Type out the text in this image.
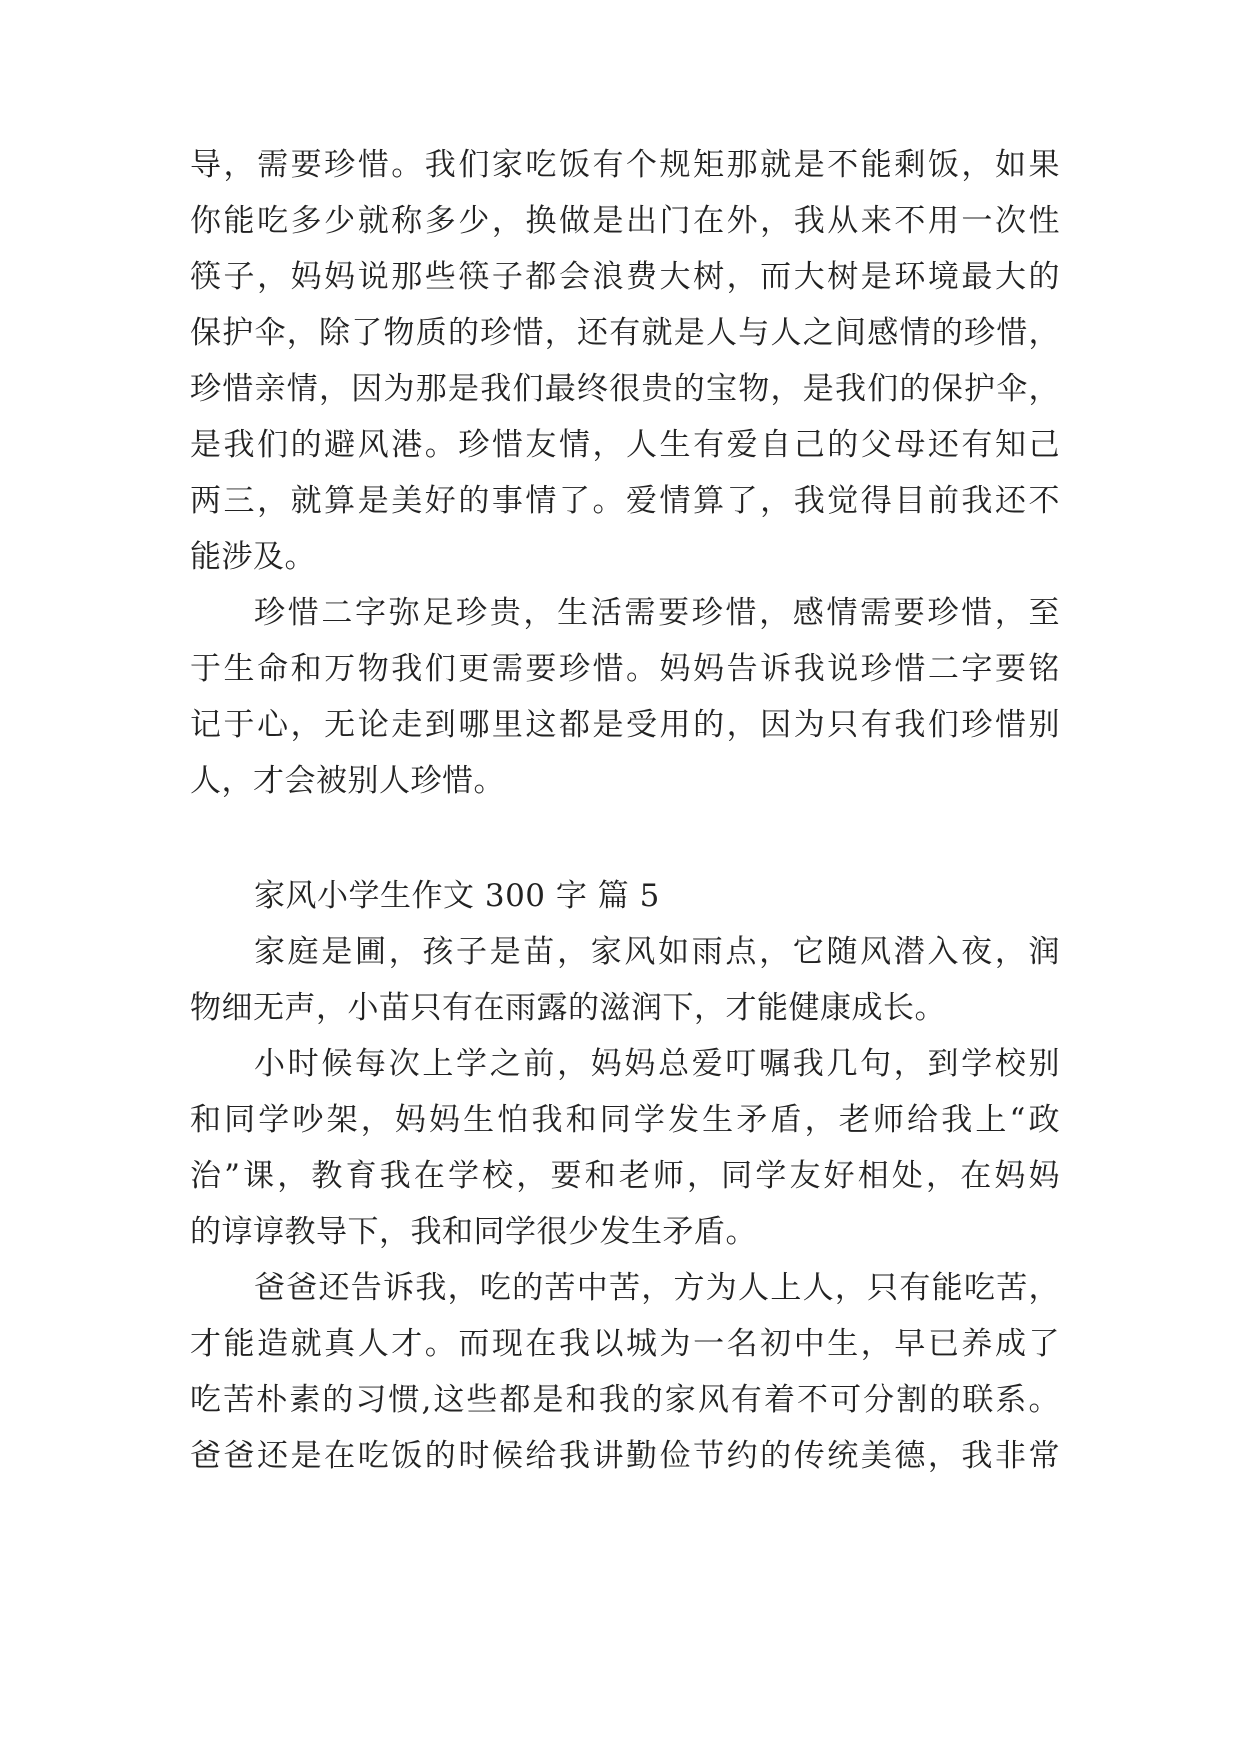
导，需要珍惜。我们家吃饭有个规矩那就是不能剩饭，如果
你能吃多少就称多少，换做是出门在外，我从来不用一次性
筷子，妈妈说那些筷子都会浪费大树，而大树是环境最大的
保护伞，除了物质的珍惜，还有就是人与人之间感情的珍惜，
珍惜亲情，因为那是我们最终很贵的宝物，是我们的保护伞，
是我们的避风港。珍惜友情，人生有爱自己的父母还有知己
两三，就算是美好的事情了。爱情算了，我觉得目前我还不
能涉及。
珍惜二字弥足珍贵，生活需要珍惜，感情需要珍惜，至
于生命和万物我们更需要珍惜。妈妈告诉我说珍惜二字要铭
记于心，无论走到哪里这都是受用的，因为只有我们珍惜别
人，才会被别人珍惜。
家风小学生作文 300 字 篇 5
家庭是圃，孩子是苗，家风如雨点，它随风潜入夜，润
物细无声，小苗只有在雨露的滋润下，才能健康成长。
小时候每次上学之前，妈妈总爱叮嘱我几句，到学校别
和同学吵架，妈妈生怕我和同学发生矛盾，老师给我上“政
治”课，教育我在学校，要和老师，同学友好相处，在妈妈
的谆谆教导下，我和同学很少发生矛盾。
爸爸还告诉我，吃的苦中苦，方为人上人，只有能吃苦，
才能造就真人才。而现在我以城为一名初中生，早已养成了
吃苦朴素的习惯,这些都是和我的家风有着不可分割的联系。
爸爸还是在吃饭的时候给我讲勤俭节约的传统美德，我非常
